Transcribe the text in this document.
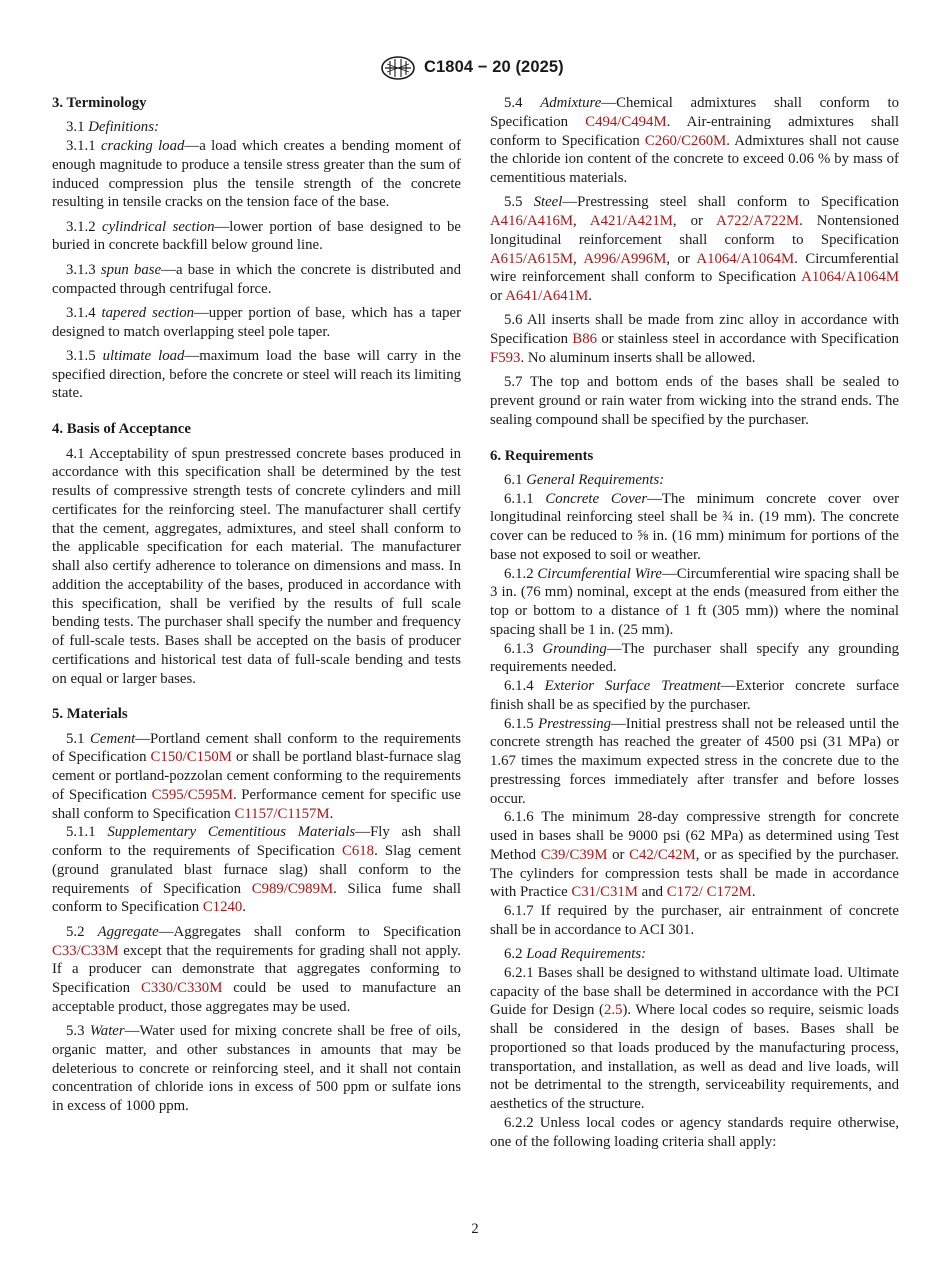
C1804 − 20 (2025)
3. Terminology

3.1 Definitions:

3.1.1 cracking load—a load which creates a bending moment of enough magnitude to produce a tensile stress greater than the sum of induced compression plus the tensile strength of the concrete resulting in tensile cracks on the tension face of the base.

3.1.2 cylindrical section—lower portion of base designed to be buried in concrete backfill below ground line.

3.1.3 spun base—a base in which the concrete is distributed and compacted through centrifugal force.

3.1.4 tapered section—upper portion of base, which has a taper designed to match overlapping steel pole taper.

3.1.5 ultimate load—maximum load the base will carry in the specified direction, before the concrete or steel will reach its limiting state.

4. Basis of Acceptance

4.1 Acceptability of spun prestressed concrete bases produced in accordance with this specification shall be determined by the test results of compressive strength tests of concrete cylinders and mill certificates for the reinforcing steel. The manufacturer shall certify that the cement, aggregates, admixtures, and steel shall conform to the applicable specification for each material. The manufacturer shall also certify adherence to tolerance on dimensions and mass. In addition the acceptability of the bases, produced in accordance with this specification, shall be verified by the results of full scale bending tests. The purchaser shall specify the number and frequency of full-scale tests. Bases shall be accepted on the basis of producer certifications and historical test data of full-scale bending and tests on equal or larger bases.

5. Materials

5.1 Cement—Portland cement shall conform to the requirements of Specification C150/C150M or shall be portland blast-furnace slag cement or portland-pozzolan cement conforming to the requirements of Specification C595/C595M. Performance cement for specific use shall conform to Specification C1157/C1157M.

5.1.1 Supplementary Cementitious Materials—Fly ash shall conform to the requirements of Specification C618. Slag cement (ground granulated blast furnace slag) shall conform to the requirements of Specification C989/C989M. Silica fume shall conform to Specification C1240.

5.2 Aggregate—Aggregates shall conform to Specification C33/C33M except that the requirements for grading shall not apply. If a producer can demonstrate that aggregates conforming to Specification C330/C330M could be used to manufacture an acceptable product, those aggregates may be used.

5.3 Water—Water used for mixing concrete shall be free of oils, organic matter, and other substances in amounts that may be deleterious to concrete or reinforcing steel, and it shall not contain concentration of chloride ions in excess of 500 ppm or sulfate ions in excess of 1000 ppm.

5.4 Admixture—Chemical admixtures shall conform to Specification C494/C494M. Air-entraining admixtures shall conform to Specification C260/C260M. Admixtures shall not cause the chloride ion content of the concrete to exceed 0.06 % by mass of cementitious materials.

5.5 Steel—Prestressing steel shall conform to Specification A416/A416M, A421/A421M, or A722/A722M. Nontensioned longitudinal reinforcement shall conform to Specification A615/A615M, A996/A996M, or A1064/A1064M. Circumferential wire reinforcement shall conform to Specification A1064/A1064M or A641/A641M.

5.6 All inserts shall be made from zinc alloy in accordance with Specification B86 or stainless steel in accordance with Specification F593. No aluminum inserts shall be allowed.

5.7 The top and bottom ends of the bases shall be sealed to prevent ground or rain water from wicking into the strand ends. The sealing compound shall be specified by the purchaser.

6. Requirements

6.1 General Requirements:

6.1.1 Concrete Cover—The minimum concrete cover over longitudinal reinforcing steel shall be ¾ in. (19 mm). The concrete cover can be reduced to ⅝ in. (16 mm) minimum for portions of the base not exposed to soil or weather.

6.1.2 Circumferential Wire—Circumferential wire spacing shall be 3 in. (76 mm) nominal, except at the ends (measured from either the top or bottom to a distance of 1 ft (305 mm)) where the nominal spacing shall be 1 in. (25 mm).

6.1.3 Grounding—The purchaser shall specify any grounding requirements needed.

6.1.4 Exterior Surface Treatment—Exterior concrete surface finish shall be as specified by the purchaser.

6.1.5 Prestressing—Initial prestress shall not be released until the concrete strength has reached the greater of 4500 psi (31 MPa) or 1.67 times the maximum expected stress in the concrete due to the prestressing forces immediately after transfer and before losses occur.

6.1.6 The minimum 28-day compressive strength for concrete used in bases shall be 9000 psi (62 MPa) as determined using Test Method C39/C39M or C42/C42M, or as specified by the purchaser. The cylinders for compression tests shall be made in accordance with Practice C31/C31M and C172/ C172M.

6.1.7 If required by the purchaser, air entrainment of concrete shall be in accordance to ACI 301.

6.2 Load Requirements:

6.2.1 Bases shall be designed to withstand ultimate load. Ultimate capacity of the base shall be determined in accordance with the PCI Guide for Design (2.5). Where local codes so require, seismic loads shall be considered in the design of bases. Bases shall be proportioned so that loads produced by the manufacturing process, transportation, and installation, as well as dead and live loads, will not be detrimental to the strength, serviceability requirements, and aesthetics of the structure.

6.2.2 Unless local codes or agency standards require otherwise, one of the following loading criteria shall apply:

2
